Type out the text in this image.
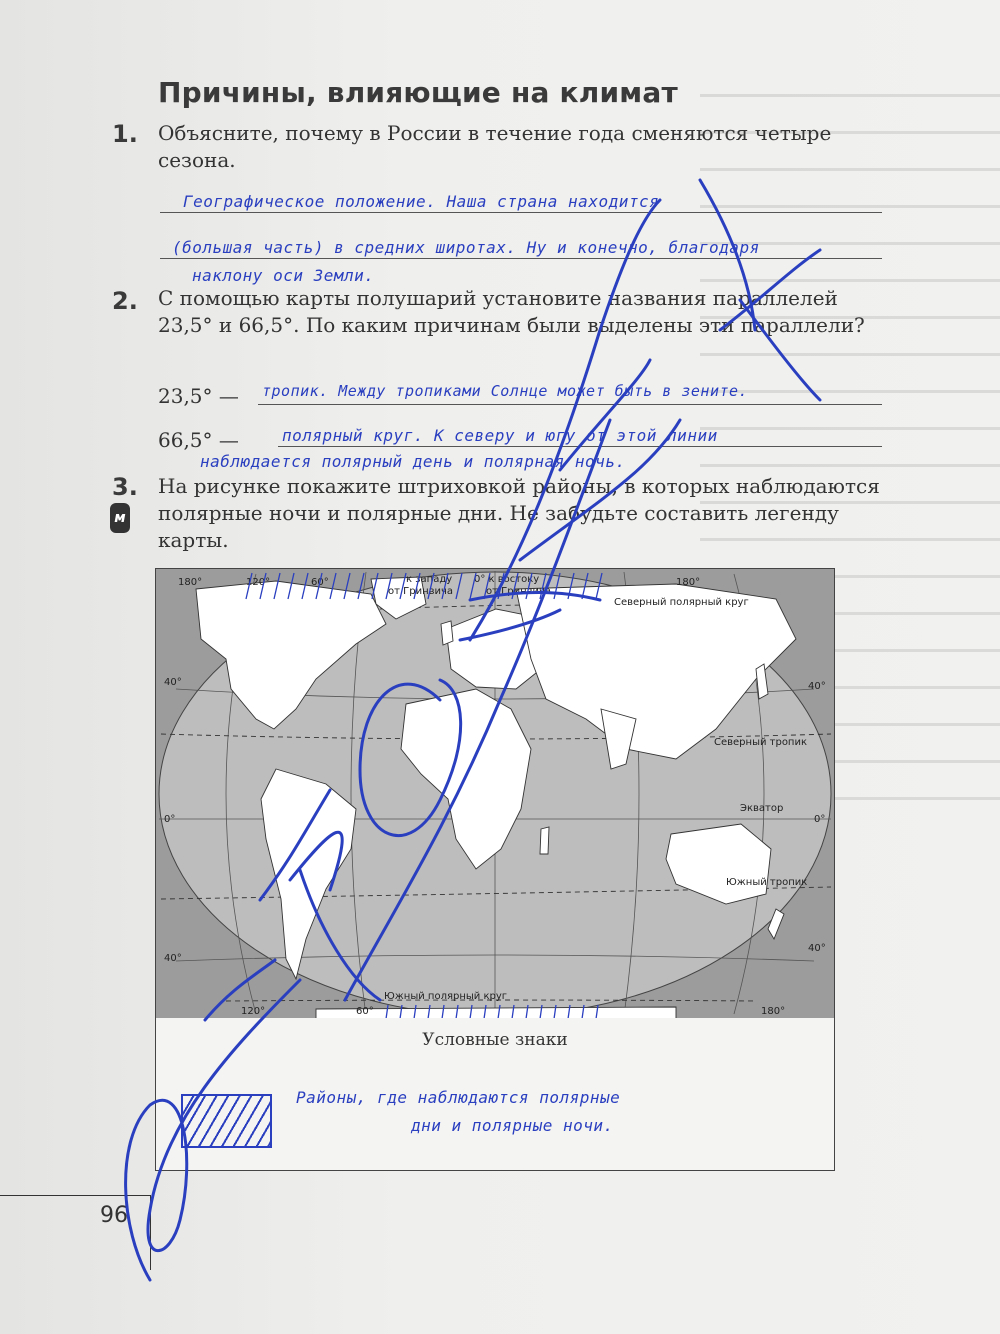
Причины, влияющие на климат
1. Объясните, почему в России в течение года сменяются четыре сезона.
Географическое положение. Наша страна находится
(большая часть) в средних широтах. Ну и конечно, благодаря
наклону оси Земли.
2. С помощью карты полушарий установите названия параллелей 23,5° и 66,5°. По каким причинам были выделены эти параллели?
23,5° — тропик. Между тропиками Солнце может быть в зените.
66,5° —	полярный круг. К северу и югу от этой линии
наблюдается полярный день и полярная ночь.
3.
м
На рисунке покажите штриховкой районы, в которых наблюдаются полярные ночи и полярные дни. Не забудьте составить легенду карты.
180°	120°	60°	к западу
от Гринвича
0° к востоку
от Гринвича
180°
Северный полярный круг
40°	40°
Северный тропик
Экватор
0°	0°
Южный тропик
40°
40°
Южный полярный круг
120°	60°	180°
Условные знаки
Районы, где наблюдаются полярные
дни и полярные ночи.
96
